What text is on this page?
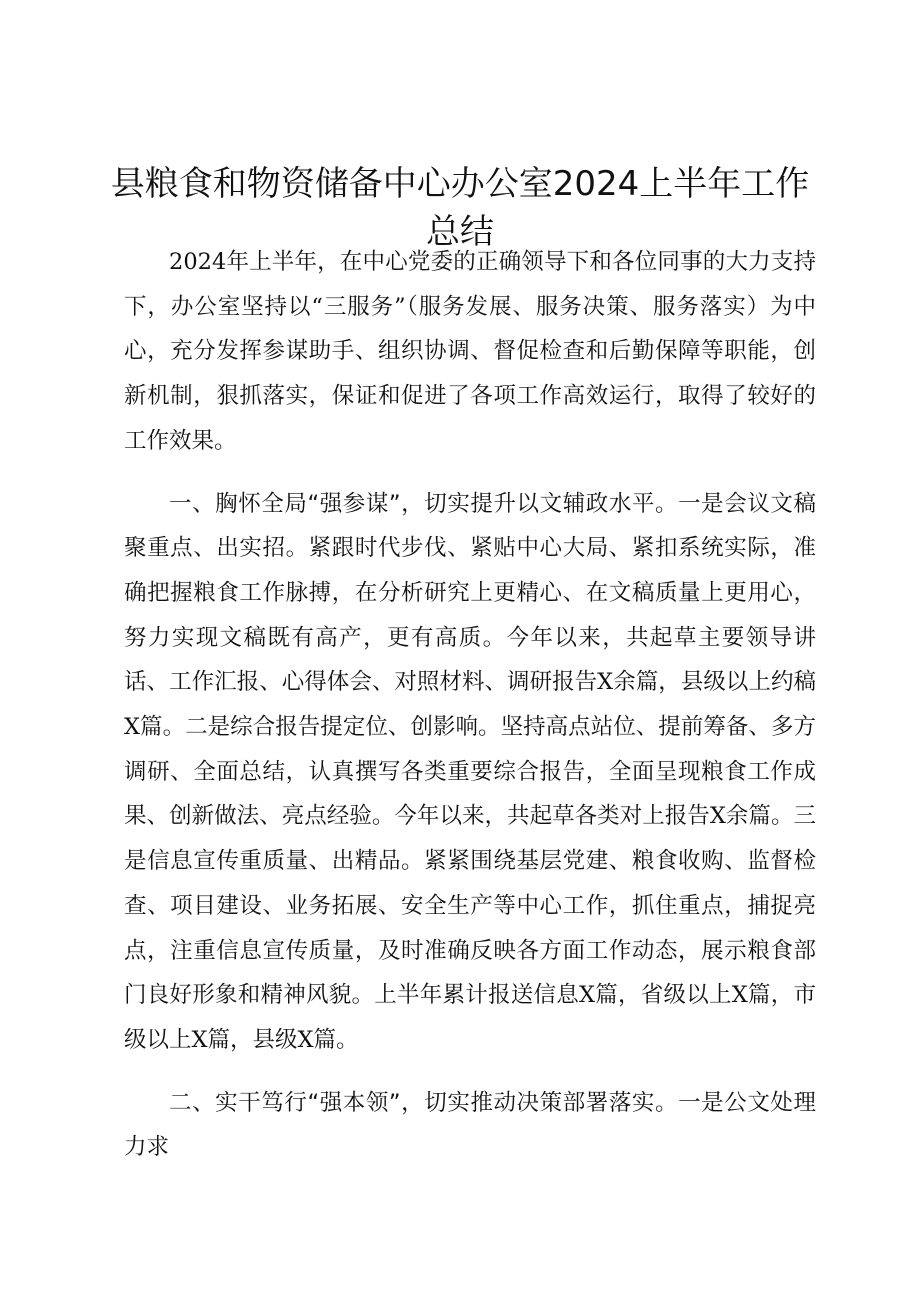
县粮食和物资储备中心办公室2024上半年工作总结

2024年上半年，在中心党委的正确领导下和各位同事的大力支持下，办公室坚持以“三服务”（服务发展、服务决策、服务落实）为中心，充分发挥参谋助手、组织协调、督促检查和后勤保障等职能，创新机制，狠抓落实，保证和促进了各项工作高效运行，取得了较好的工作效果。

一、胸怀全局“强参谋”，切实提升以文辅政水平。一是会议文稿聚重点、出实招。紧跟时代步伐、紧贴中心大局、紧扣系统实际，准确把握粮食工作脉搏，在分析研究上更精心、在文稿质量上更用心，努力实现文稿既有高产，更有高质。今年以来，共起草主要领导讲话、工作汇报、心得体会、对照材料、调研报告X余篇，县级以上约稿X篇。二是综合报告提定位、创影响。坚持高点站位、提前筹备、多方调研、全面总结，认真撰写各类重要综合报告，全面呈现粮食工作成果、创新做法、亮点经验。今年以来，共起草各类对上报告X余篇。三是信息宣传重质量、出精品。紧紧围绕基层党建、粮食收购、监督检查、项目建设、业务拓展、安全生产等中心工作，抓住重点，捕捉亮点，注重信息宣传质量，及时准确反映各方面工作动态，展示粮食部门良好形象和精神风貌。上半年累计报送信息X篇，省级以上X篇，市级以上X篇，县级X篇。

二、实干笃行“强本领”，切实推动决策部署落实。一是公文处理力求
